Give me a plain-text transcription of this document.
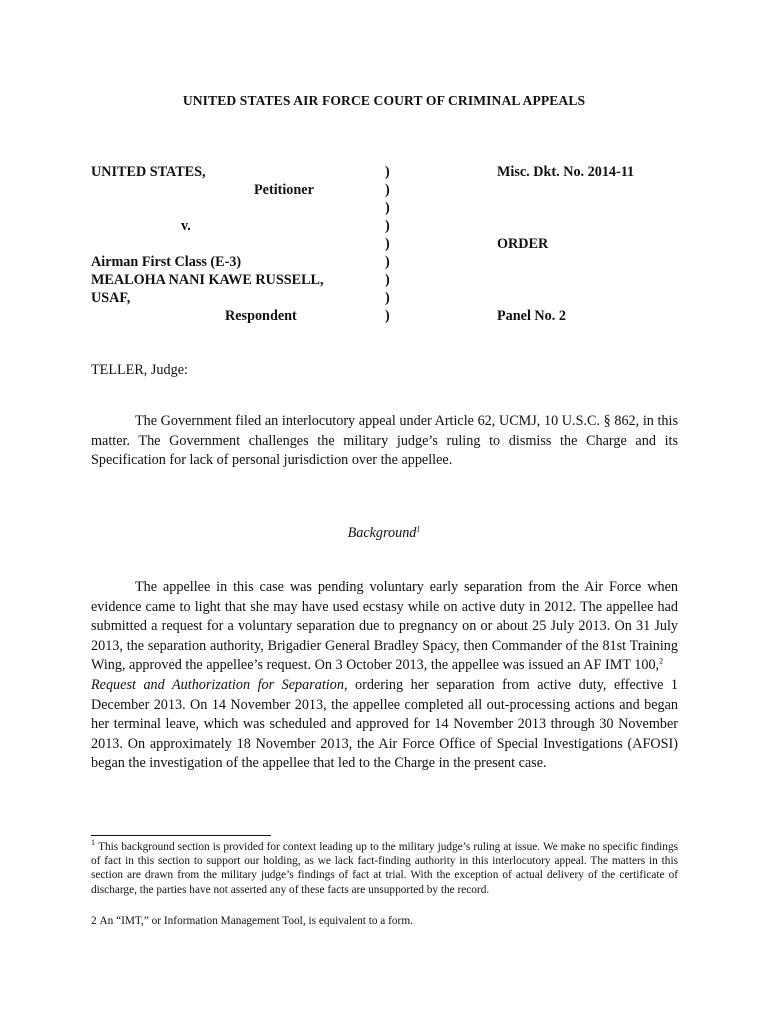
UNITED STATES AIR FORCE COURT OF CRIMINAL APPEALS
UNITED STATES,
Petitioner
v.
Airman First Class (E-3)
MEALOHA NANI KAWE RUSSELL,
USAF,
Respondent
)
)
)
)
)
)
)
)
)
Misc. Dkt. No. 2014-11
ORDER
Panel No. 2
TELLER, Judge:

The Government filed an interlocutory appeal under Article 62, UCMJ, 10 U.S.C. § 862, in this matter. The Government challenges the military judge’s ruling to dismiss the Charge and its Specification for lack of personal jurisdiction over the appellee.

Background$^1$

The appellee in this case was pending voluntary early separation from the Air Force when evidence came to light that she may have used ecstasy while on active duty in 2012. The appellee had submitted a request for a voluntary separation due to pregnancy on or about 25 July 2013. On 31 July 2013, the separation authority, Brigadier General Bradley Spacy, then Commander of the 81st Training Wing, approved the appellee’s request. On 3 October 2013, the appellee was issued an AF IMT 100,$^2$
Request and Authorization for Separation, ordering her separation from active duty, effective 1 December 2013. On 14 November 2013, the appellee completed all out-processing actions and began her terminal leave, which was scheduled and approved for 14 November 2013 through 30 November 2013. On approximately 18 November 2013, the Air Force Office of Special Investigations (AFOSI) began the investigation of the appellee that led to the Charge in the present case.

$^1$ This background section is provided for context leading up to the military judge’s ruling at issue. We make no specific findings of fact in this section to support our holding, as we lack fact-finding authority in this interlocutory appeal. The matters in this section are drawn from the military judge’s findings of fact at trial. With the exception of actual delivery of the certificate of discharge, the parties have not asserted any of these facts are unsupported by the record.

2 An “IMT,” or Information Management Tool, is equivalent to a form.
